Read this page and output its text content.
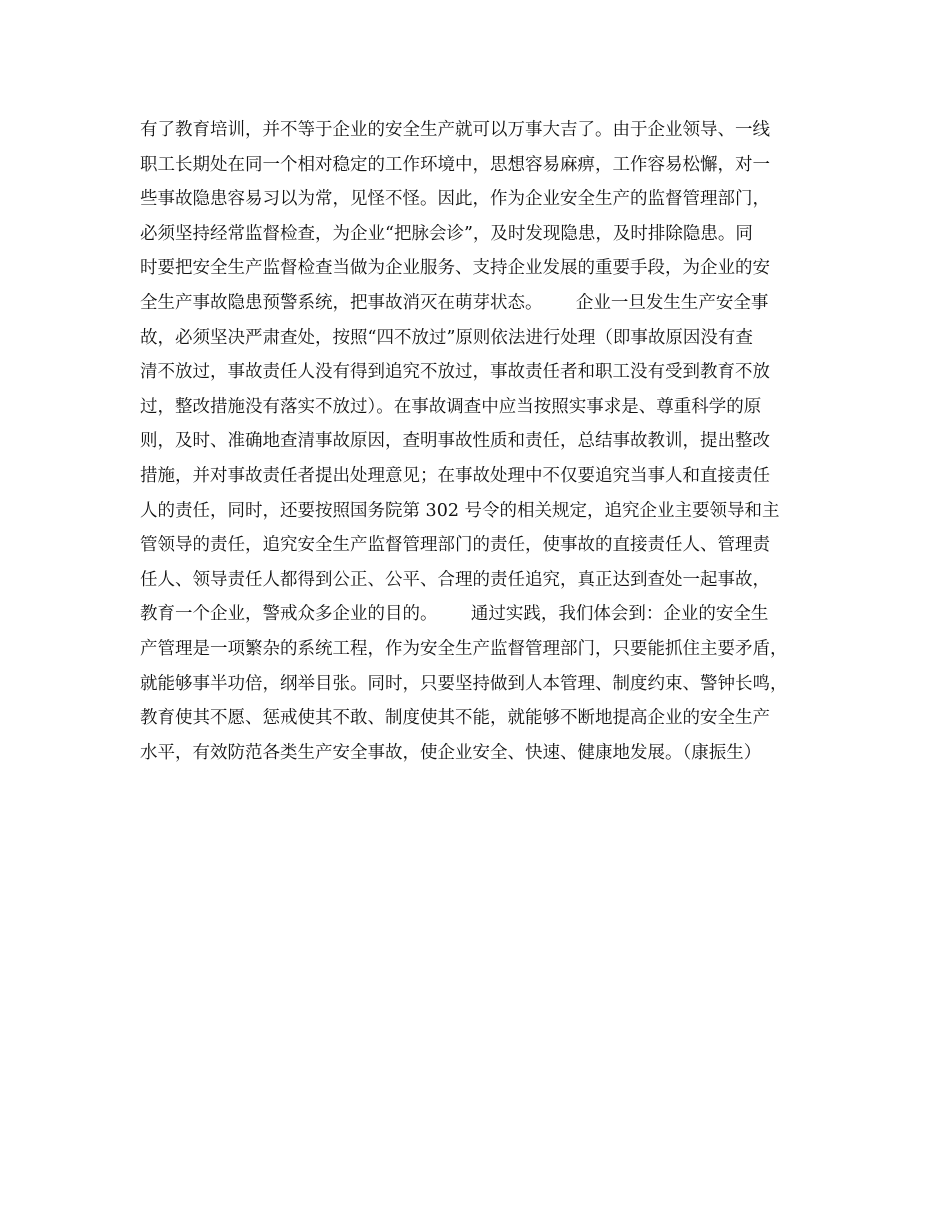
有了教育培训，并不等于企业的安全生产就可以万事大吉了。由于企业领导、一线
职工长期处在同一个相对稳定的工作环境中，思想容易麻痹，工作容易松懈，对一
些事故隐患容易习以为常，见怪不怪。因此，作为企业安全生产的监督管理部门，
必须坚持经常监督检查，为企业“把脉会诊”，及时发现隐患，及时排除隐患。同
时要把安全生产监督检查当做为企业服务、支持企业发展的重要手段，为企业的安
全生产事故隐患预警系统，把事故消灭在萌芽状态。      企业一旦发生生产安全事
故，必须坚决严肃查处，按照“四不放过”原则依法进行处理（即事故原因没有查
清不放过，事故责任人没有得到追究不放过，事故责任者和职工没有受到教育不放
过，整改措施没有落实不放过）。在事故调查中应当按照实事求是、尊重科学的原
则，及时、准确地查清事故原因，查明事故性质和责任，总结事故教训，提出整改
措施，并对事故责任者提出处理意见；在事故处理中不仅要追究当事人和直接责任
人的责任，同时，还要按照国务院第 302 号令的相关规定，追究企业主要领导和主
管领导的责任，追究安全生产监督管理部门的责任，使事故的直接责任人、管理责
任人、领导责任人都得到公正、公平、合理的责任追究，真正达到查处一起事故，
教育一个企业，警戒众多企业的目的。      通过实践，我们体会到：企业的安全生
产管理是一项繁杂的系统工程，作为安全生产监督管理部门，只要能抓住主要矛盾，
就能够事半功倍，纲举目张。同时，只要坚持做到人本管理、制度约束、警钟长鸣，
教育使其不愿、惩戒使其不敢、制度使其不能，就能够不断地提高企业的安全生产
水平，有效防范各类生产安全事故，使企业安全、快速、健康地发展。（康振生）
